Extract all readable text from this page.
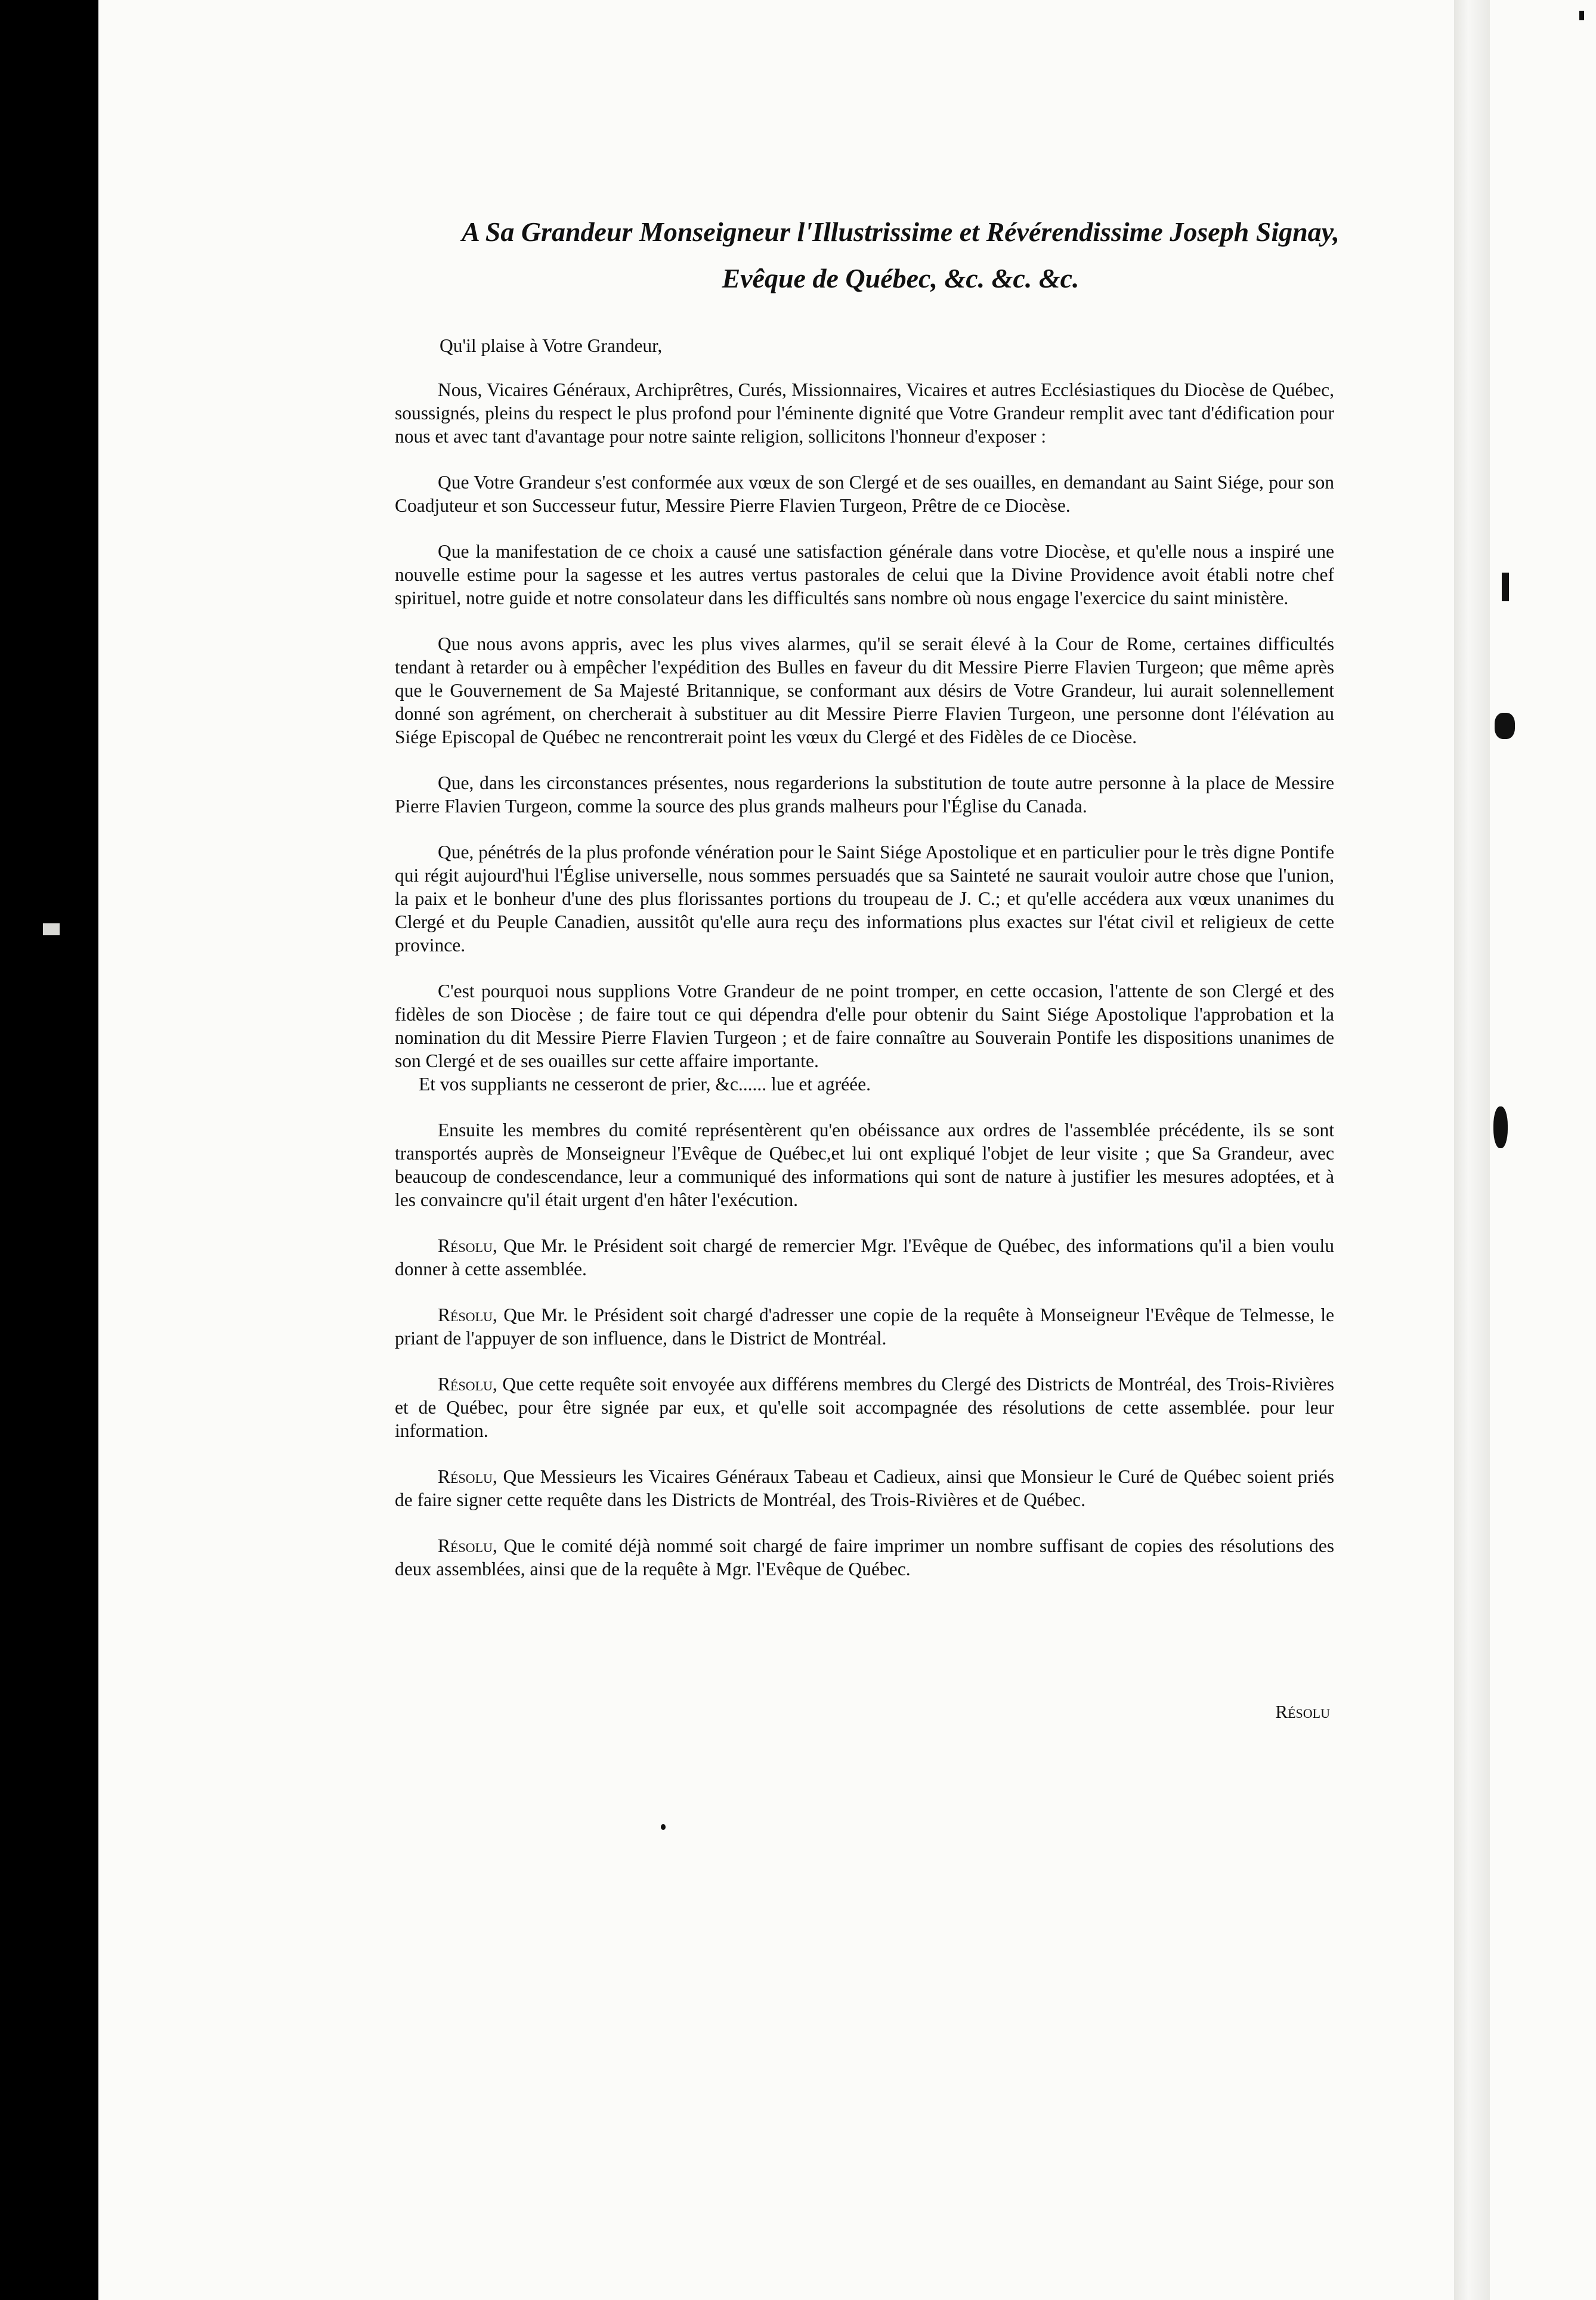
A Sa Grandeur Monseigneur l'Illustrissime et Révérendissime Joseph Signay,
Evêque de Québec, &c. &c. &c.

Qu'il plaise à Votre Grandeur,

Nous, Vicaires Généraux, Archiprêtres, Curés, Missionnaires, Vicaires et autres Ecclésiastiques du Diocèse de Québec, soussignés, pleins du respect le plus profond pour l'éminente dignité que Votre Grandeur remplit avec tant d'édification pour nous et avec tant d'avantage pour notre sainte religion, sollicitons l'honneur d'exposer :

Que Votre Grandeur s'est conformée aux vœux de son Clergé et de ses ouailles, en demandant au Saint Siége, pour son Coadjuteur et son Successeur futur, Messire Pierre Flavien Turgeon, Prêtre de ce Diocèse.

Que la manifestation de ce choix a causé une satisfaction générale dans votre Diocèse, et qu'elle nous a inspiré une nouvelle estime pour la sagesse et les autres vertus pastorales de celui que la Divine Providence avoit établi notre chef spirituel, notre guide et notre consolateur dans les difficultés sans nombre où nous engage l'exercice du saint ministère.

Que nous avons appris, avec les plus vives alarmes, qu'il se serait élevé à la Cour de Rome, certaines difficultés tendant à retarder ou à empêcher l'expédition des Bulles en faveur du dit Messire Pierre Flavien Turgeon; que même après que le Gouvernement de Sa Majesté Britannique, se conformant aux désirs de Votre Grandeur, lui aurait solennellement donné son agrément, on chercherait à substituer au dit Messire Pierre Flavien Turgeon, une personne dont l'élévation au Siége Episcopal de Québec ne rencontrerait point les vœux du Clergé et des Fidèles de ce Diocèse.

Que, dans les circonstances présentes, nous regarderions la substitution de toute autre personne à la place de Messire Pierre Flavien Turgeon, comme la source des plus grands malheurs pour l'Église du Canada.

Que, pénétrés de la plus profonde vénération pour le Saint Siége Apostolique et en particulier pour le très digne Pontife qui régit aujourd'hui l'Église universelle, nous sommes persuadés que sa Sainteté ne saurait vouloir autre chose que l'union, la paix et le bonheur d'une des plus florissantes portions du troupeau de J. C.; et qu'elle accédera aux vœux unanimes du Clergé et du Peuple Canadien, aussitôt qu'elle aura reçu des informations plus exactes sur l'état civil et religieux de cette province.

C'est pourquoi nous supplions Votre Grandeur de ne point tromper, en cette occasion, l'attente de son Clergé et des fidèles de son Diocèse ; de faire tout ce qui dépendra d'elle pour obtenir du Saint Siége Apostolique l'approbation et la nomination du dit Messire Pierre Flavien Turgeon ; et de faire connaître au Souverain Pontife les dispositions unanimes de son Clergé et de ses ouailles sur cette affaire importante.

Et vos suppliants ne cesseront de prier, &c...... lue et agréée.

Ensuite les membres du comité représentèrent qu'en obéissance aux ordres de l'assemblée précédente, ils se sont transportés auprès de Monseigneur l'Evêque de Québec,et lui ont expliqué l'objet de leur visite ; que Sa Grandeur, avec beaucoup de condescendance, leur a communiqué des informations qui sont de nature à justifier les mesures adoptées, et à les convaincre qu'il était urgent d'en hâter l'exécution.

Résolu, Que Mr. le Président soit chargé de remercier Mgr. l'Evêque de Québec, des informations qu'il a bien voulu donner à cette assemblée.

Résolu, Que Mr. le Président soit chargé d'adresser une copie de la requête à Monseigneur l'Evêque de Telmesse, le priant de l'appuyer de son influence, dans le District de Montréal.

Résolu, Que cette requête soit envoyée aux différens membres du Clergé des Districts de Montréal, des Trois-Rivières et de Québec, pour être signée par eux, et qu'elle soit accompagnée des résolutions de cette assemblée. pour leur information.

Résolu, Que Messieurs les Vicaires Généraux Tabeau et Cadieux, ainsi que Monsieur le Curé de Québec soient priés de faire signer cette requête dans les Districts de Montréal, des Trois-Rivières et de Québec.

Résolu, Que le comité déjà nommé soit chargé de faire imprimer un nombre suffisant de copies des résolutions des deux assemblées, ainsi que de la requête à Mgr. l'Evêque de Québec.

Résolu
